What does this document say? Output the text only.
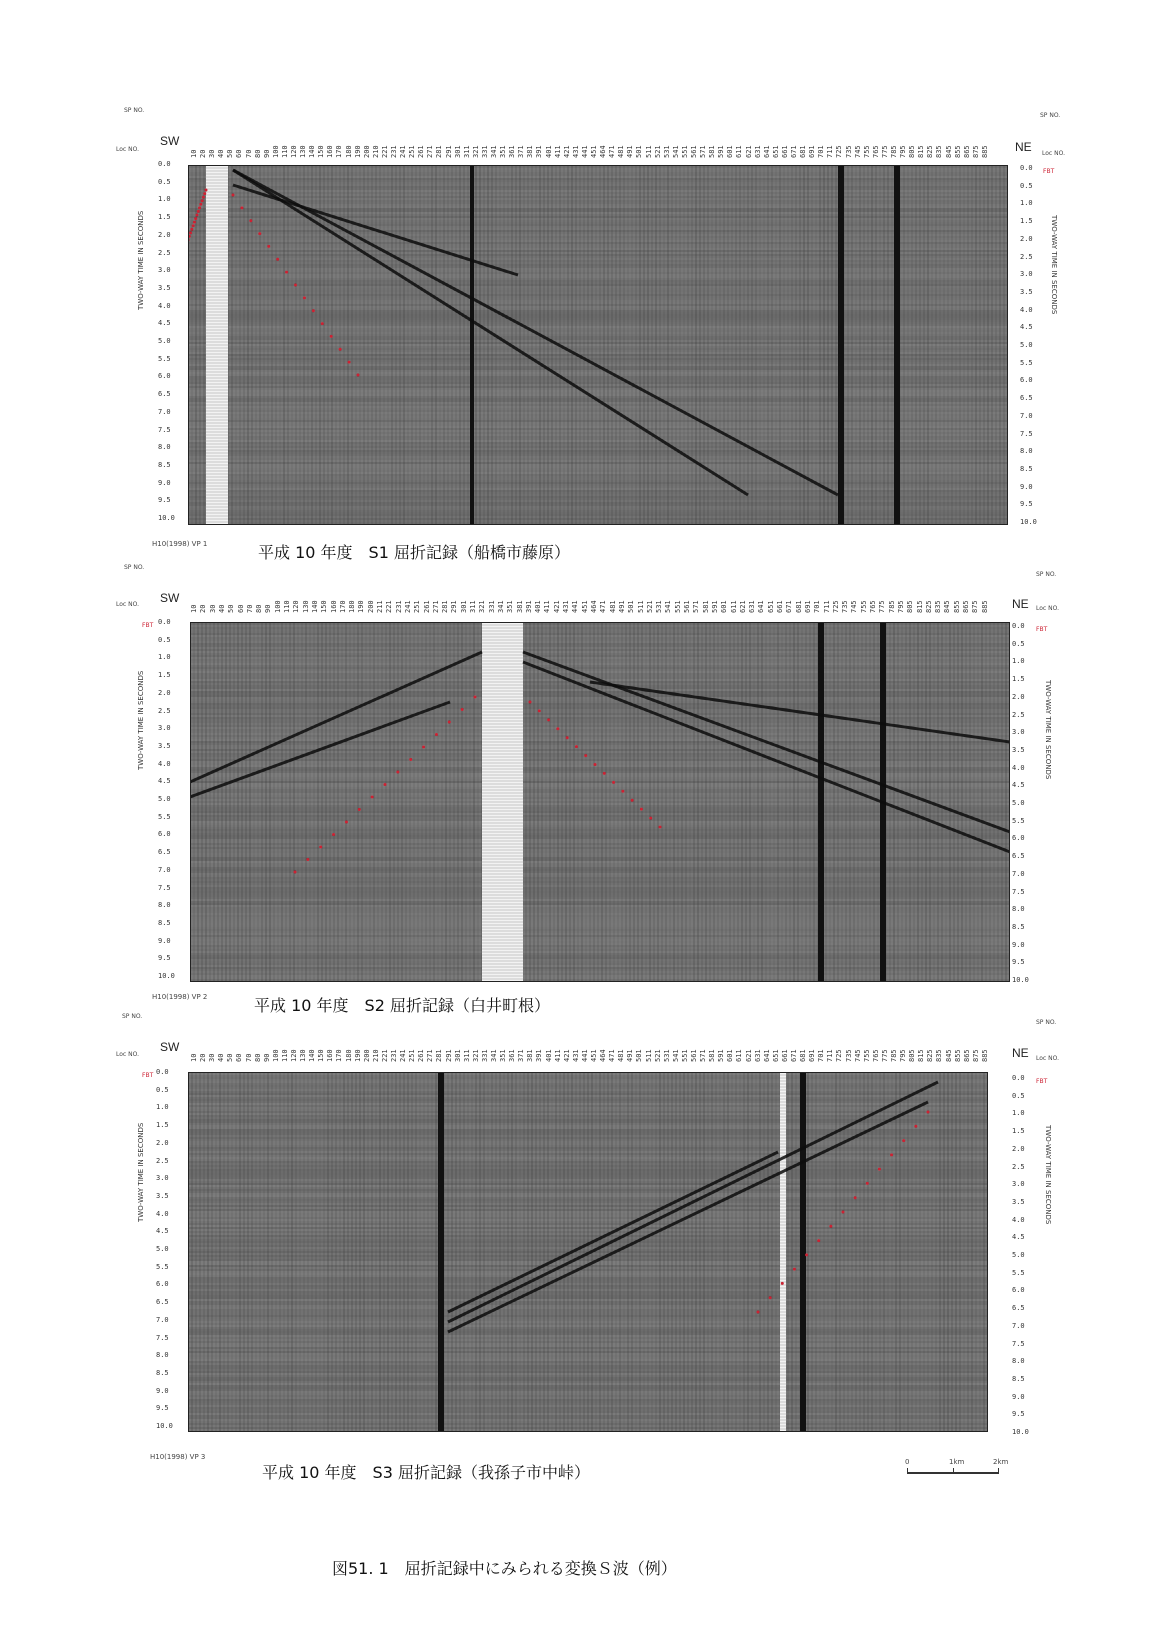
SP NO.
SP NO.
Loc NO.
Loc NO.
SW	NE
10 20 30 40 50 60 70 80 90 100 110 120 130 140 150 160 170 180 190 200 210 221 231 241 251 261 271 281 291 301 311 321 331 341 351 361 371 381 391 401 411 421 431 441 451 464 471 481 491 501 511 521 531 541 551 561 571 581 591 601 611 621 631 641 651 661 671 681 691 701 711 725 735 745 755 765 775 785 795 805 815 825 835 845 855 865 875 885
0.0
0.5
1.0
1.5
2.0
2.5
3.0
3.5
4.0
4.5
5.0
5.5
6.0
6.5
7.0
7.5
8.0
8.5
9.0
9.5
10.0
0.0
0.5
1.0
1.5
2.0
2.5
3.0
3.5
4.0
4.5
5.0
5.5
6.0
6.5
7.0
7.5
8.0
8.5
9.0
9.5
10.0
TWO-WAY TIME IN SECONDS	TWO-WAY TIME IN SECONDS
FBT
H10(1998) VP 1	平成 10 年度　S1 屈折記録（船橋市藤原）
SP NO.
SP NO.
Loc NO.
Loc NO.
SW	NE
FBT
FBT
10 20 30 40 50 60 70 80 90 100 110 120 130 140 150 160 170 180 190 200 211 221 231 241 251 261 271 281 291 301 311 321 331 341 351 381 391 401 411 421 431 441 451 464 471 481 491 501 511 521 531 541 551 561 571 581 591 601 611 621 631 641 651 661 671 681 691 701 711 725 735 745 755 765 775 785 795 805 815 825 835 845 855 865 875 885
0.0
0.5
1.0
1.5
2.0
2.5
3.0
3.5
4.0
4.5
5.0
5.5
6.0
6.5
7.0
7.5
8.0
8.5
9.0
9.5
10.0
0.0
0.5
1.0
1.5
2.0
2.5
3.0
3.5
4.0
4.5
5.0
5.5
6.0
6.5
7.0
7.5
8.0
8.5
9.0
9.5
10.0
TWO-WAY TIME IN SECONDS	TWO-WAY TIME IN SECONDS
H10(1998) VP 2	平成 10 年度　S2 屈折記録（白井町根）
SP NO.
SP NO.
Loc NO.
Loc NO.
SW	NE
FBT
FBT
10 20 30 40 50 60 70 80 90 100 110 120 130 140 150 160 170 180 190 200 210 221 231 241 251 261 271 281 291 301 311 321 331 341 351 361 371 381 391 401 411 421 431 441 451 464 471 481 491 501 511 521 531 541 551 561 571 581 591 601 611 621 631 641 651 661 671 681 691 701 711 725 735 745 755 765 775 785 795 805 815 825 835 845 855 865 875 885
0.0
0.5
1.0
1.5
2.0
2.5
3.0
3.5
4.0
4.5
5.0
5.5
6.0
6.5
7.0
7.5
8.0
8.5
9.0
9.5
10.0
0.0
0.5
1.0
1.5
2.0
2.5
3.0
3.5
4.0
4.5
5.0
5.5
6.0
6.5
7.0
7.5
8.0
8.5
9.0
9.5
10.0
TWO-WAY TIME IN SECONDS	TWO-WAY TIME IN SECONDS
H10(1998) VP 3
平成 10 年度　S3 屈折記録（我孫子市中峠）
0	1km	2km
図51. 1　屈折記録中にみられる変換Ｓ波（例）
